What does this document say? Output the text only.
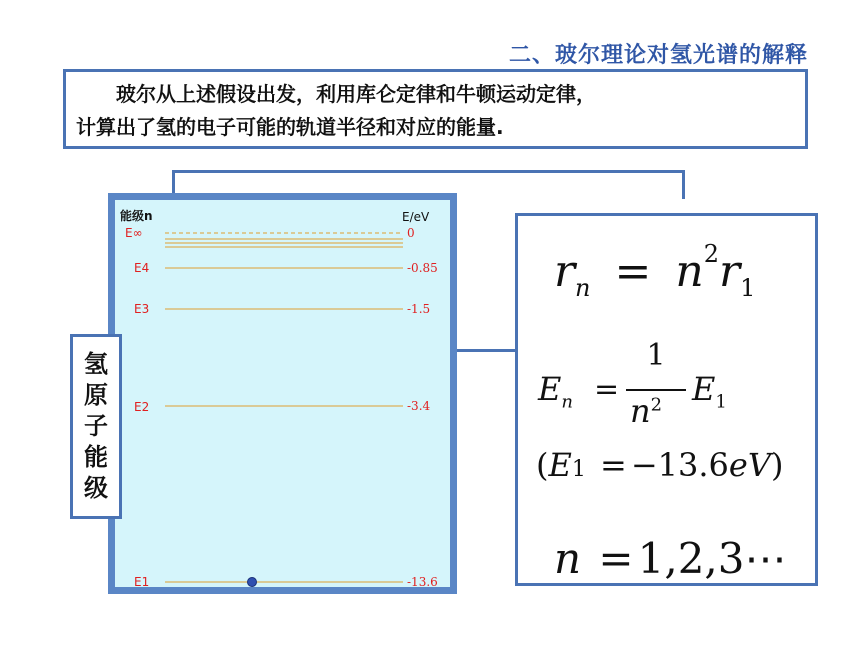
二、玻尔理论对氢光谱的解释
玻尔从上述假设出发，利用库仑定律和牛顿运动定律，
计算出了氢的电子可能的轨道半径和对应的能量.
能级n	E/eV
E∞	0
E4	-0.85
E3	-1.5
E2	-3.4
E1	-13.6
氢
原
子
能
级
$r_n = n^2r_1$
$E_n$ =
1
$n^2$ $E_1$
(E1 = −13.6eV)
n =1,2,3⋯
